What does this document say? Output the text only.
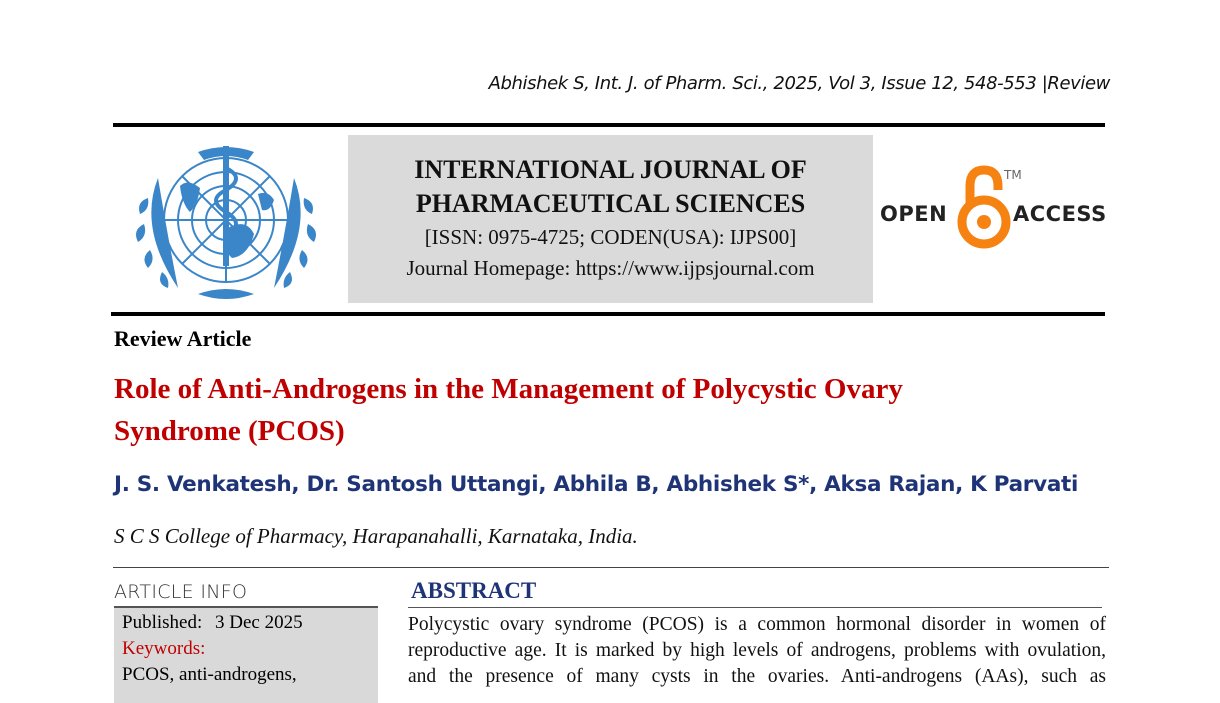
Abhishek S, Int. J. of Pharm. Sci., 2025, Vol 3, Issue 12, 548-553 |Review
INTERNATIONAL JOURNAL OF
PHARMACEUTICAL SCIENCES
[ISSN: 0975-4725; CODEN(USA): IJPS00]
Journal Homepage: https://www.ijpsjournal.com
OPEN
TM
ACCESS
Review Article
Role of Anti-Androgens in the Management of Polycystic Ovary Syndrome (PCOS)
J. S. Venkatesh, Dr. Santosh Uttangi, Abhila B, Abhishek S*, Aksa Rajan, K Parvati
S C S College of Pharmacy, Harapanahalli, Karnataka, India.
ARTICLE INFO
Published: 3 Dec 2025
Keywords:
PCOS, anti-androgens,
ABSTRACT
Polycystic ovary syndrome (PCOS) is a common hormonal disorder in women of
reproductive age. It is marked by high levels of androgens, problems with ovulation,
and the presence of many cysts in the ovaries. Anti-androgens (AAs), such as
